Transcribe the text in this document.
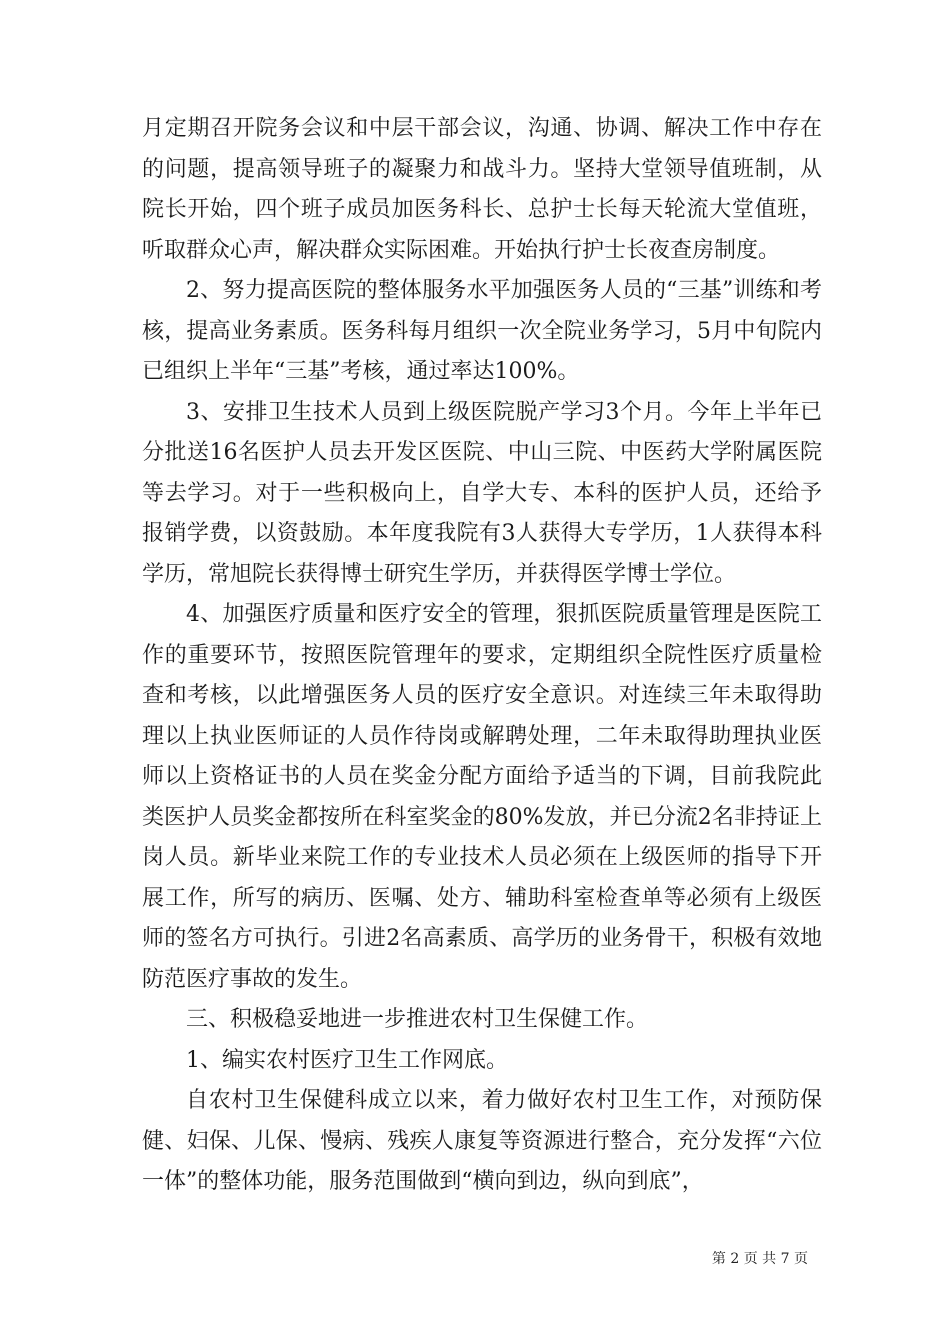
月定期召开院务会议和中层干部会议，沟通、协调、解决工作中存在的问题，提高领导班子的凝聚力和战斗力。坚持大堂领导值班制，从院长开始，四个班子成员加医务科长、总护士长每天轮流大堂值班，听取群众心声，解决群众实际困难。开始执行护士长夜查房制度。

2、努力提高医院的整体服务水平加强医务人员的“三基”训练和考核，提高业务素质。医务科每月组织一次全院业务学习，5月中旬院内已组织上半年“三基”考核，通过率达100%。

3、安排卫生技术人员到上级医院脱产学习3个月。今年上半年已分批送16名医护人员去开发区医院、中山三院、中医药大学附属医院等去学习。对于一些积极向上，自学大专、本科的医护人员，还给予报销学费，以资鼓励。本年度我院有3人获得大专学历，1人获得本科学历，常旭院长获得博士研究生学历，并获得医学博士学位。

4、加强医疗质量和医疗安全的管理，狠抓医院质量管理是医院工作的重要环节，按照医院管理年的要求，定期组织全院性医疗质量检查和考核，以此增强医务人员的医疗安全意识。对连续三年未取得助理以上执业医师证的人员作待岗或解聘处理，二年未取得助理执业医师以上资格证书的人员在奖金分配方面给予适当的下调，目前我院此类医护人员奖金都按所在科室奖金的80%发放，并已分流2名非持证上岗人员。新毕业来院工作的专业技术人员必须在上级医师的指导下开展工作，所写的病历、医嘱、处方、辅助科室检查单等必须有上级医师的签名方可执行。引进2名高素质、高学历的业务骨干，积极有效地防范医疗事故的发生。

三、积极稳妥地进一步推进农村卫生保健工作。

1、编实农村医疗卫生工作网底。

自农村卫生保健科成立以来，着力做好农村卫生工作，对预防保健、妇保、儿保、慢病、残疾人康复等资源进行整合，充分发挥“六位一体”的整体功能，服务范围做到“横向到边，纵向到底”，

第 2 页 共 7 页
